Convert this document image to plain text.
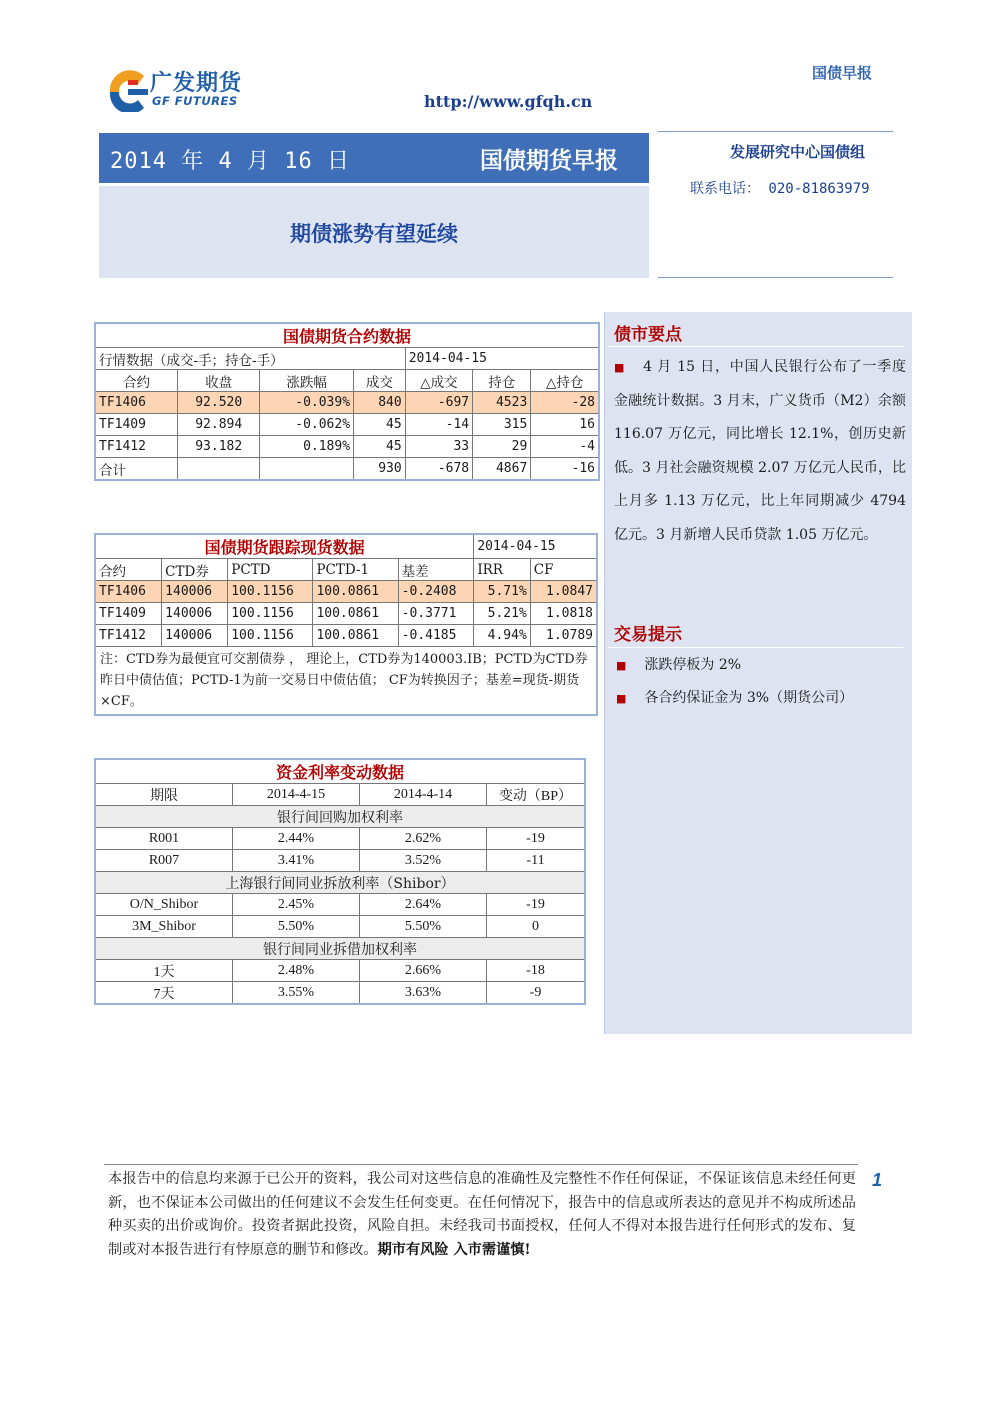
广发期货
GF FUTURES
国债早报
http://www.gfqh.cn
2014 年 4 月 16 日	国债期货早报
期债涨势有望延续
发展研究中心国债组
联系电话： 020-81863979
国债期货合约数据						
行情数据（成交-手；持仓-手）				2014-04-15		
合约	收盘	涨跌幅	成交	△成交	持仓	△持仓
TF1406	92.520	-0.039%	840	-697	4523	-28
TF1409	92.894	-0.062%	45	-14	315	16
TF1412	93.182	0.189%	45	33	29	-4
合计			930	-678	4867	-16
国债期货跟踪现货数据					2014-04-15	
合约	CTD券	PCTD	PCTD-1	基差	IRR	CF
TF1406	140006	100.1156	100.0861	-0.2408	5.71%	1.0847
TF1409	140006	100.1156	100.0861	-0.3771	5.21%	1.0818
TF1412	140006	100.1156	100.0861	-0.4185	4.94%	1.0789
注：CTD券为最便宜可交割债券 ， 理论上，CTD券为140003.IB；PCTD为CTD券昨日中债估值；PCTD-1为前一交易日中债估值； CF为转换因子；基差=现货-期货×CF。						
资金利率变动数据			
期限	2014-4-15	2014-4-14	变动（BP）
银行间回购加权利率			
R001	2.44%	2.62%	-19
R007	3.41%	3.52%	-11
上海银行间同业拆放利率（Shibor）			
O/N_Shibor	2.45%	2.64%	-19
3M_Shibor	5.50%	5.50%	0
银行间同业拆借加权利率			
1天	2.48%	2.66%	-18
7天	3.55%	3.63%	-9
债市要点
■ 4 月 15 日，中国人民银行公布了一季度金融统计数据。3 月末，广义货币（M2）余额 116.07 万亿元，同比增长 12.1%，创历史新低。3 月社会融资规模 2.07 万亿元人民币，比上月多 1.13 万亿元，比上年同期减少 4794 亿元。3 月新增人民币贷款 1.05 万亿元。
交易提示
■ 涨跌停板为 2%
■ 各合约保证金为 3%（期货公司）
本报告中的信息均来源于已公开的资料，我公司对这些信息的准确性及完整性不作任何保证，不保证该信息未经任何更新，也不保证本公司做出的任何建议不会发生任何变更。在任何情况下，报告中的信息或所表达的意见并不构成所述品种买卖的出价或询价。投资者据此投资，风险自担。未经我司书面授权，任何人不得对本报告进行任何形式的发布、复制或对本报告进行有悖原意的删节和修改。期市有风险 入市需谨慎!
1
